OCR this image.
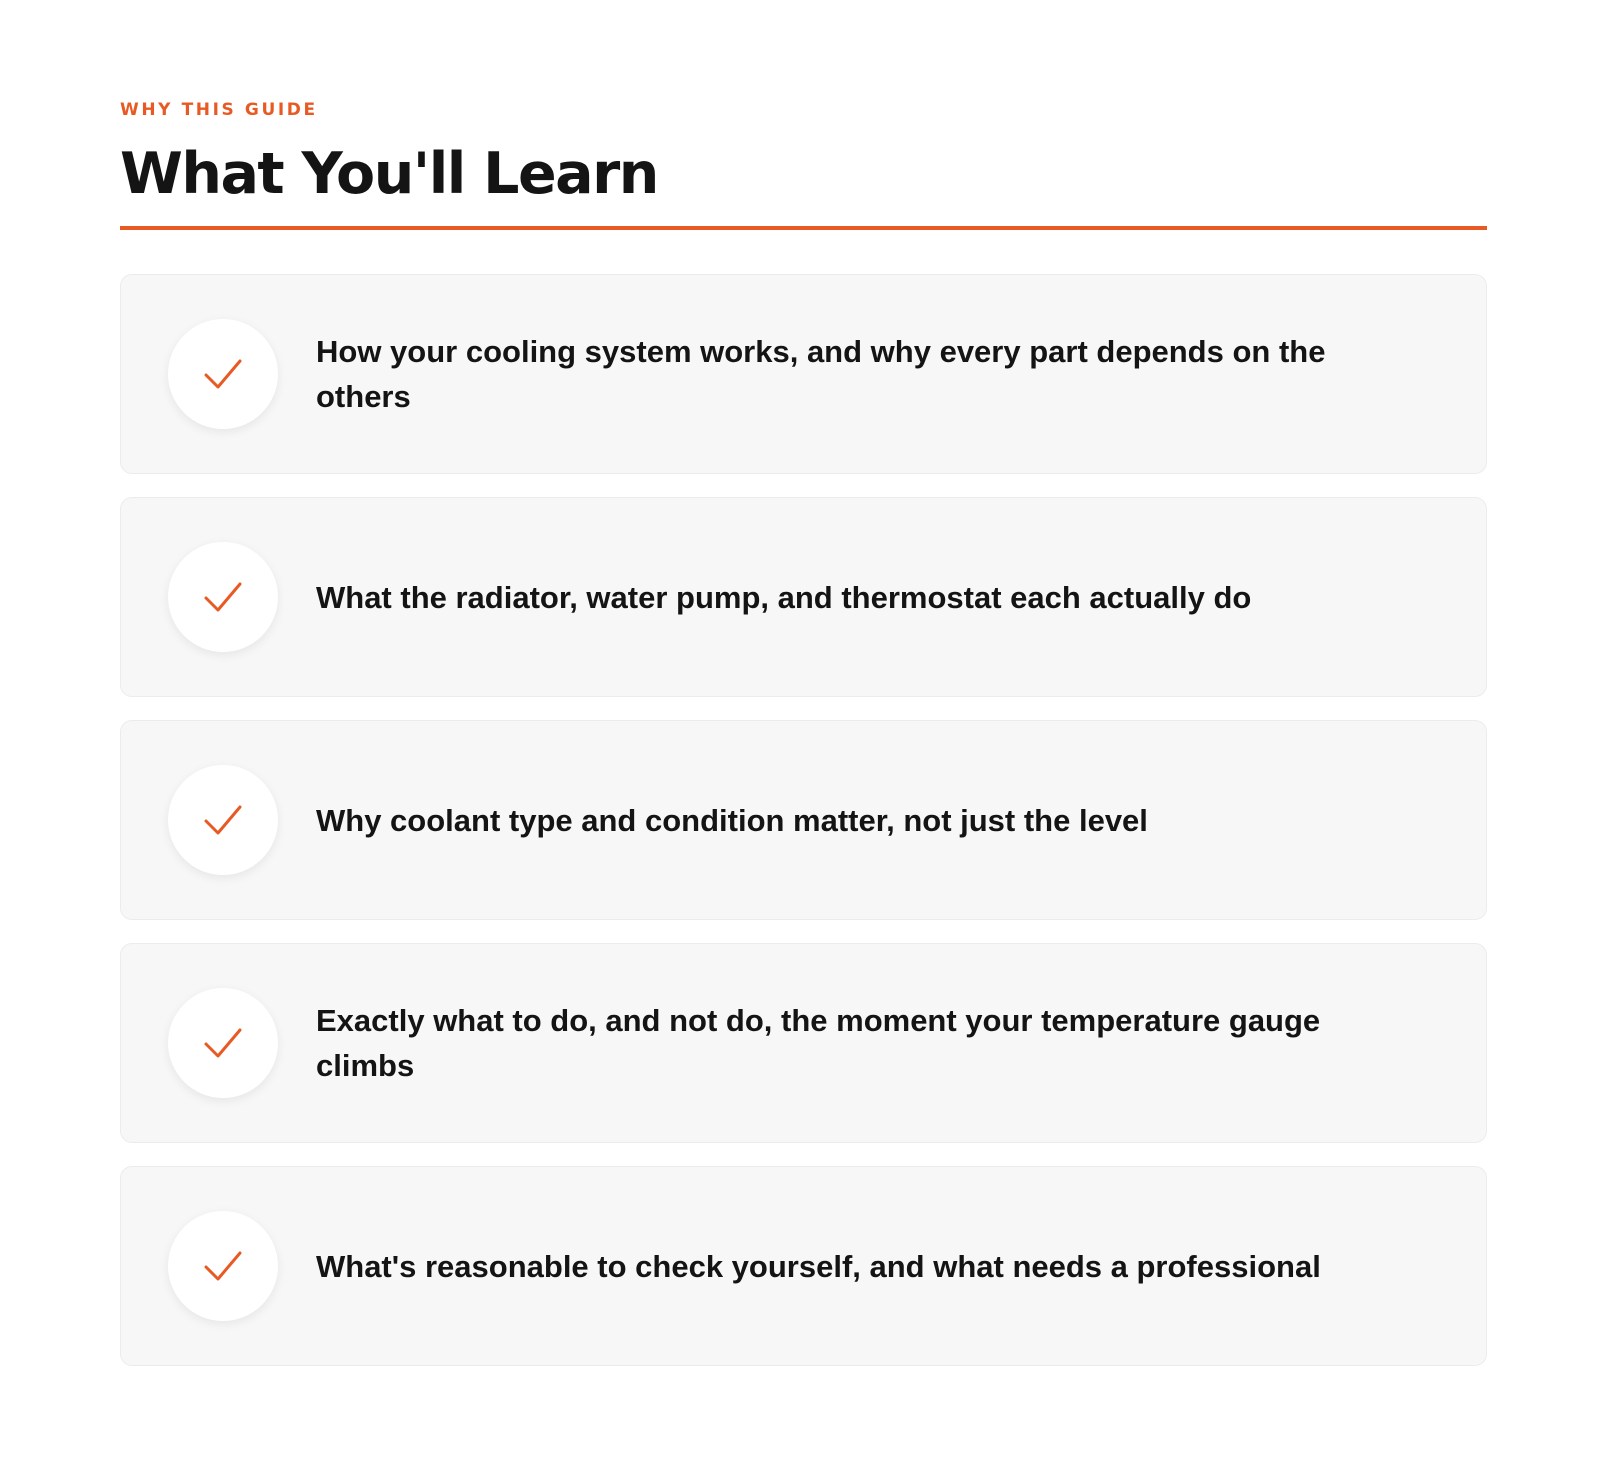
WHY THIS GUIDE
What You'll Learn
How your cooling system works, and why every part depends on the others
What the radiator, water pump, and thermostat each actually do
Why coolant type and condition matter, not just the level
Exactly what to do, and not do, the moment your temperature gauge climbs
What's reasonable to check yourself, and what needs a professional
